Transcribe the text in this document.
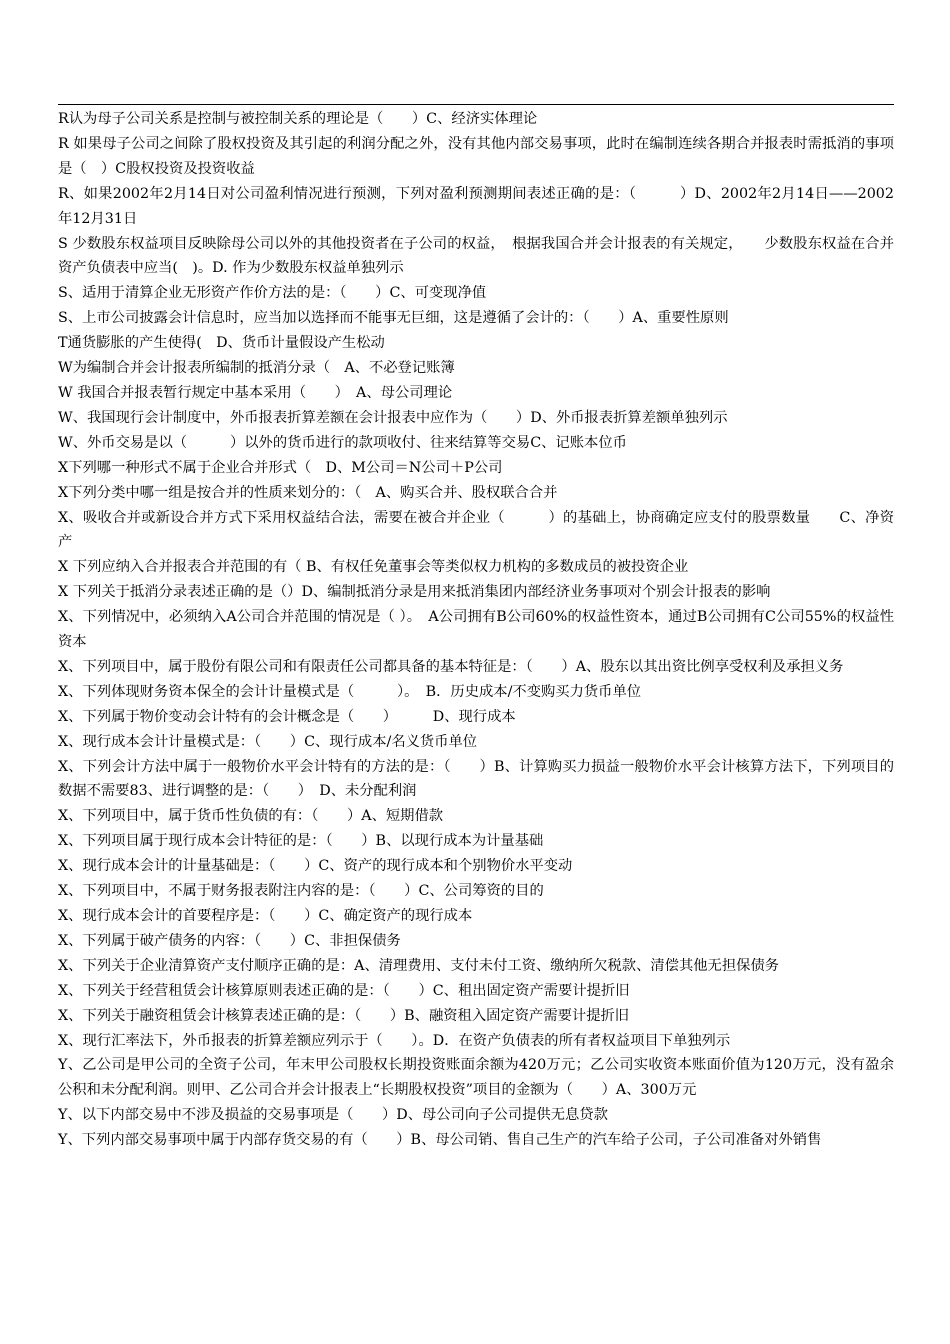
R认为母子公司关系是控制与被控制关系的理论是（　　）C、经济实体理论

R 如果母子公司之间除了股权投资及其引起的利润分配之外，没有其他内部交易事项，此时在编制连续各期合并报表时需抵消的事项是（　）C股权投资及投资收益

R、如果2002年2月14日对公司盈利情况进行预测，下列对盈利预测期间表述正确的是：（　　　）D、2002年2月14日——2002年12月31日

S 少数股东权益项目反映除母公司以外的其他投资者在子公司的权益，　根据我国合并会计报表的有关规定，　　少数股东权益在合并资产负债表中应当(　)。D. 作为少数股东权益单独列示

S、适用于清算企业无形资产作价方法的是：（　　）C、可变现净值

S、上市公司披露会计信息时，应当加以选择而不能事无巨细，这是遵循了会计的：（　　）A、重要性原则

T通货膨胀的产生使得(　D、货币计量假设产生松动

W为编制合并会计报表所编制的抵消分录（　A、不必登记账簿

W 我国合并报表暂行规定中基本采用（　　）　A、母公司理论

W、我国现行会计制度中，外币报表折算差额在会计报表中应作为（　　）D、外币报表折算差额单独列示

W、外币交易是以（　　　）以外的货币进行的款项收付、往来结算等交易C、记账本位币

X下列哪一种形式不属于企业合并形式（　D、M公司＝N公司＋P公司

X下列分类中哪一组是按合并的性质来划分的：（　A、购买合并、股权联合合并

X、吸收合并或新设合并方式下采用权益结合法，需要在被合并企业（　　　）的基础上，协商确定应支付的股票数量　　C、净资产

X 下列应纳入合并报表合并范围的有（ B、有权任免董事会等类似权力机构的多数成员的被投资企业

X 下列关于抵消分录表述正确的是（）D、编制抵消分录是用来抵消集团内部经济业务事项对个别会计报表的影响

X、下列情况中，必须纳入A公司合并范围的情况是（ ）。　A公司拥有B公司60%的权益性资本，通过B公司拥有C公司55%的权益性资本

X、下列项目中，属于股份有限公司和有限责任公司都具备的基本特征是：（　　）A、股东以其出资比例享受权利及承担义务

X、下列体现财务资本保全的会计计量模式是（　　　）。　B．历史成本/不变购买力货币单位

X、下列属于物价变动会计特有的会计概念是（　　）　　　D、现行成本

X、现行成本会计计量模式是：（　　）C、现行成本/名义货币单位

X、下列会计方法中属于一般物价水平会计特有的方法的是：（　　）B、计算购买力损益一般物价水平会计核算方法下，下列项目的数据不需要83、进行调整的是：（　　）　D、未分配利润

X、下列项目中，属于货币性负债的有：（　　）A、短期借款

X、下列项目属于现行成本会计特征的是：（　　）B、以现行成本为计量基础

X、现行成本会计的计量基础是：（　　）C、资产的现行成本和个别物价水平变动

X、下列项目中，不属于财务报表附注内容的是：（　　）C、公司筹资的目的

X、现行成本会计的首要程序是：（　　）C、确定资产的现行成本

X、下列属于破产债务的内容：（　　）C、非担保债务

X、下列关于企业清算资产支付顺序正确的是：A、清理费用、支付未付工资、缴纳所欠税款、清偿其他无担保债务

X、下列关于经营租赁会计核算原则表述正确的是：（　　）C、租出固定资产需要计提折旧

X、下列关于融资租赁会计核算表述正确的是：（　　）B、融资租入固定资产需要计提折旧

X、现行汇率法下，外币报表的折算差额应列示于（　　）。D．在资产负债表的所有者权益项目下单独列示

Y、乙公司是甲公司的全资子公司，年末甲公司股权长期投资账面余额为420万元；乙公司实收资本账面价值为120万元，没有盈余公积和未分配利润。则甲、乙公司合并会计报表上“长期股权投资”项目的金额为（　　）A、300万元

Y、以下内部交易中不涉及损益的交易事项是（　　）D、母公司向子公司提供无息贷款

Y、下列内部交易事项中属于内部存货交易的有（　　）B、母公司销、售自己生产的汽车给子公司，子公司准备对外销售
